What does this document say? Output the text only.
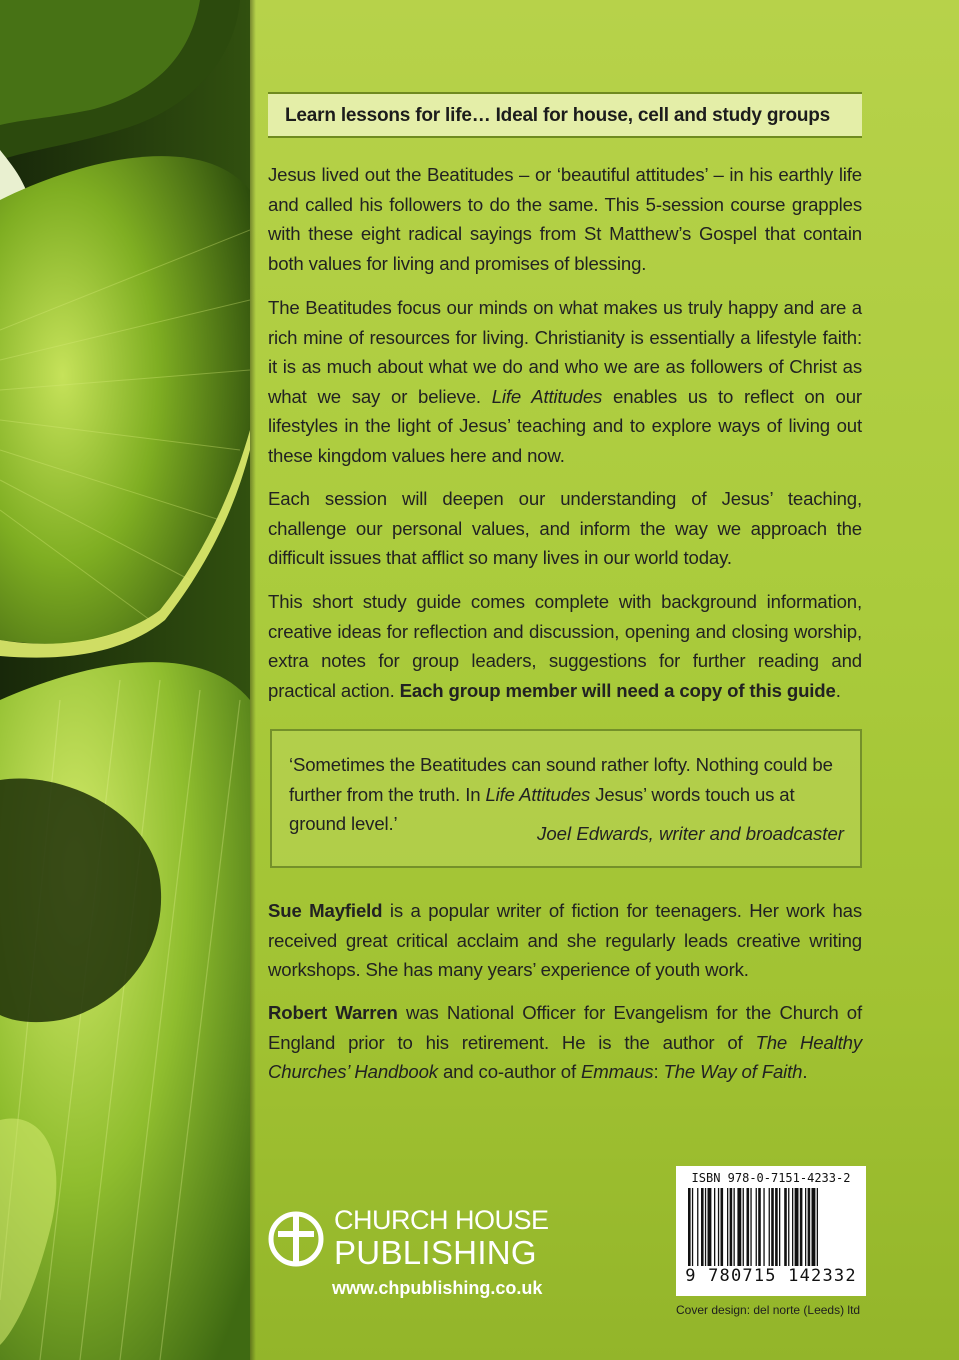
Learn lessons for life… Ideal for house, cell and study groups

Jesus lived out the Beatitudes – or ‘beautiful attitudes’ – in his earthly life and called his followers to do the same. This 5-session course grapples with these eight radical sayings from St Matthew’s Gospel that contain both values for living and promises of blessing.

The Beatitudes focus our minds on what makes us truly happy and are a rich mine of resources for living. Christianity is essentially a lifestyle faith: it is as much about what we do and who we are as followers of Christ as what we say or believe. Life Attitudes enables us to reflect on our lifestyles in the light of Jesus’ teaching and to explore ways of living out these kingdom values here and now.

Each session will deepen our understanding of Jesus’ teaching, challenge our personal values, and inform the way we approach the difficult issues that afflict so many lives in our world today.

This short study guide comes complete with background information, creative ideas for reflection and discussion, opening and closing worship, extra notes for group leaders, suggestions for further reading and practical action. Each group member will need a copy of this guide.

‘Sometimes the Beatitudes can sound rather lofty. Nothing could be further from the truth. In Life Attitudes Jesus’ words touch us at ground level.’	Joel Edwards, writer and broadcaster

Sue Mayfield is a popular writer of fiction for teenagers. Her work has received great critical acclaim and she regularly leads creative writing workshops. She has many years’ experience of youth work.

Robert Warren was National Officer for Evangelism for the Church of England prior to his retirement. He is the author of The Healthy Churches’ Handbook and co-author of Emmaus: The Way of Faith.

CHURCH HOUSE
PUBLISHING
www.chpublishing.co.uk
ISBN 978-0-7151-4233-2
9 780715 142332
Cover design: del norte (Leeds) ltd
